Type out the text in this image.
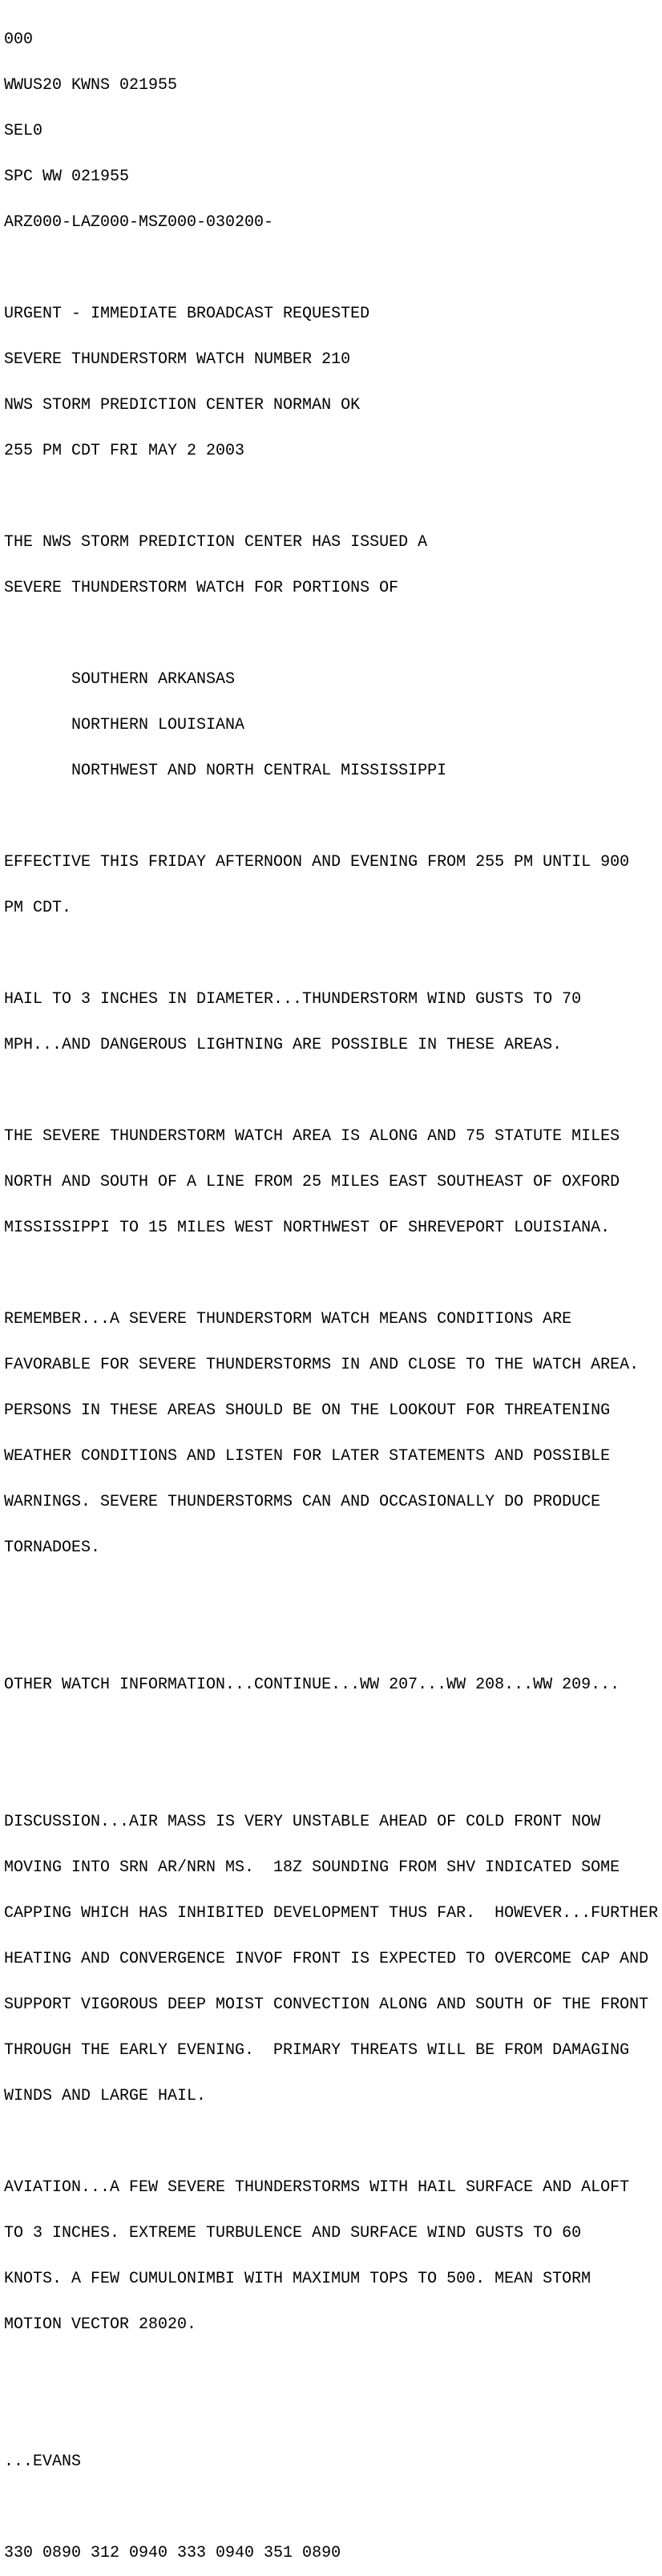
000

WWUS20 KWNS 021955

SEL0

SPC WW 021955

ARZ000-LAZ000-MSZ000-030200-

URGENT - IMMEDIATE BROADCAST REQUESTED

SEVERE THUNDERSTORM WATCH NUMBER 210

NWS STORM PREDICTION CENTER NORMAN OK

255 PM CDT FRI MAY 2 2003

THE NWS STORM PREDICTION CENTER HAS ISSUED A

SEVERE THUNDERSTORM WATCH FOR PORTIONS OF

SOUTHERN ARKANSAS

NORTHERN LOUISIANA

NORTHWEST AND NORTH CENTRAL MISSISSIPPI

EFFECTIVE THIS FRIDAY AFTERNOON AND EVENING FROM 255 PM UNTIL 900

PM CDT.

HAIL TO 3 INCHES IN DIAMETER...THUNDERSTORM WIND GUSTS TO 70

MPH...AND DANGEROUS LIGHTNING ARE POSSIBLE IN THESE AREAS.

THE SEVERE THUNDERSTORM WATCH AREA IS ALONG AND 75 STATUTE MILES

NORTH AND SOUTH OF A LINE FROM 25 MILES EAST SOUTHEAST OF OXFORD

MISSISSIPPI TO 15 MILES WEST NORTHWEST OF SHREVEPORT LOUISIANA.

REMEMBER...A SEVERE THUNDERSTORM WATCH MEANS CONDITIONS ARE

FAVORABLE FOR SEVERE THUNDERSTORMS IN AND CLOSE TO THE WATCH AREA.

PERSONS IN THESE AREAS SHOULD BE ON THE LOOKOUT FOR THREATENING

WEATHER CONDITIONS AND LISTEN FOR LATER STATEMENTS AND POSSIBLE

WARNINGS. SEVERE THUNDERSTORMS CAN AND OCCASIONALLY DO PRODUCE

TORNADOES.

OTHER WATCH INFORMATION...CONTINUE...WW 207...WW 208...WW 209...

DISCUSSION...AIR MASS IS VERY UNSTABLE AHEAD OF COLD FRONT NOW

MOVING INTO SRN AR/NRN MS.  18Z SOUNDING FROM SHV INDICATED SOME

CAPPING WHICH HAS INHIBITED DEVELOPMENT THUS FAR.  HOWEVER...FURTHER

HEATING AND CONVERGENCE INVOF FRONT IS EXPECTED TO OVERCOME CAP AND

SUPPORT VIGOROUS DEEP MOIST CONVECTION ALONG AND SOUTH OF THE FRONT

THROUGH THE EARLY EVENING.  PRIMARY THREATS WILL BE FROM DAMAGING

WINDS AND LARGE HAIL.

AVIATION...A FEW SEVERE THUNDERSTORMS WITH HAIL SURFACE AND ALOFT

TO 3 INCHES. EXTREME TURBULENCE AND SURFACE WIND GUSTS TO 60

KNOTS. A FEW CUMULONIMBI WITH MAXIMUM TOPS TO 500. MEAN STORM

MOTION VECTOR 28020.

...EVANS

330 0890 312 0940 333 0940 351 0890
